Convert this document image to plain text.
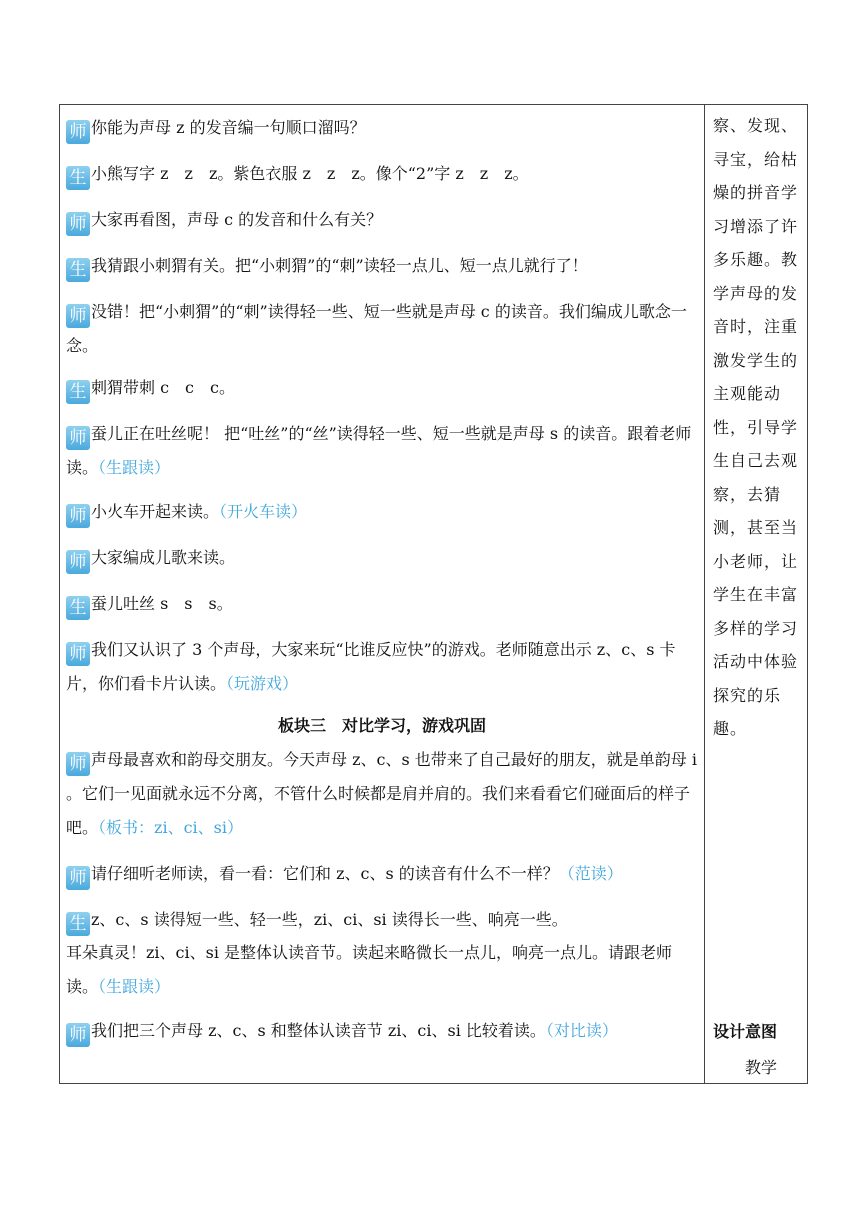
师 你能为声母 z 的发音编一句顺口溜吗？
生 小熊写字 z　z　z。紫色衣服 z　z　z。像个“2”字 z　z　z。
师 大家再看图，声母 c 的发音和什么有关？
生 我猜跟小刺猬有关。把“小刺猬”的“刺”读轻一点儿、短一点儿就行了！
师 没错！把“小刺猬”的“刺”读得轻一些、短一些就是声母 c 的读音。我们编成儿歌念一念。
生 刺猬带刺 c　c　c。
师 蚕儿正在吐丝呢！ 把“吐丝”的“丝”读得轻一些、短一些就是声母 s 的读音。跟着老师读。（生跟读）
师 小火车开起来读。（开火车读）
师 大家编成儿歌来读。
生 蚕儿吐丝 s　s　s。
师 我们又认识了 3 个声母，大家来玩“比谁反应快”的游戏。老师随意出示 z、c、s 卡片，你们看卡片认读。（玩游戏）
板块三　对比学习，游戏巩固
师 声母最喜欢和韵母交朋友。今天声母 z、c、s 也带来了自己最好的朋友，就是单韵母 i 。它们一见面就永远不分离，不管什么时候都是肩并肩的。我们来看看它们碰面后的样子吧。（板书：zi、ci、si）
师 请仔细听老师读，看一看：它们和 z、c、s 的读音有什么不一样？（范读）
生 z、c、s 读得短一些、轻一些，zi、ci、si 读得长一些、响亮一些。
耳朵真灵！zi、ci、si 是整体认读音节。读起来略微长一点儿，响亮一点儿。请跟老师读。（生跟读）
师 我们把三个声母 z、c、s 和整体认读音节 zi、ci、si 比较着读。（对比读）
察、发现、寻宝，给枯燥的拼音学习增添了许多乐趣。教学声母的发音时，注重激发学生的主观能动性，引导学生自己去观察，去猜测，甚至当小老师，让学生在丰富多样的学习活动中体验探究的乐趣。
设计意图
教学
